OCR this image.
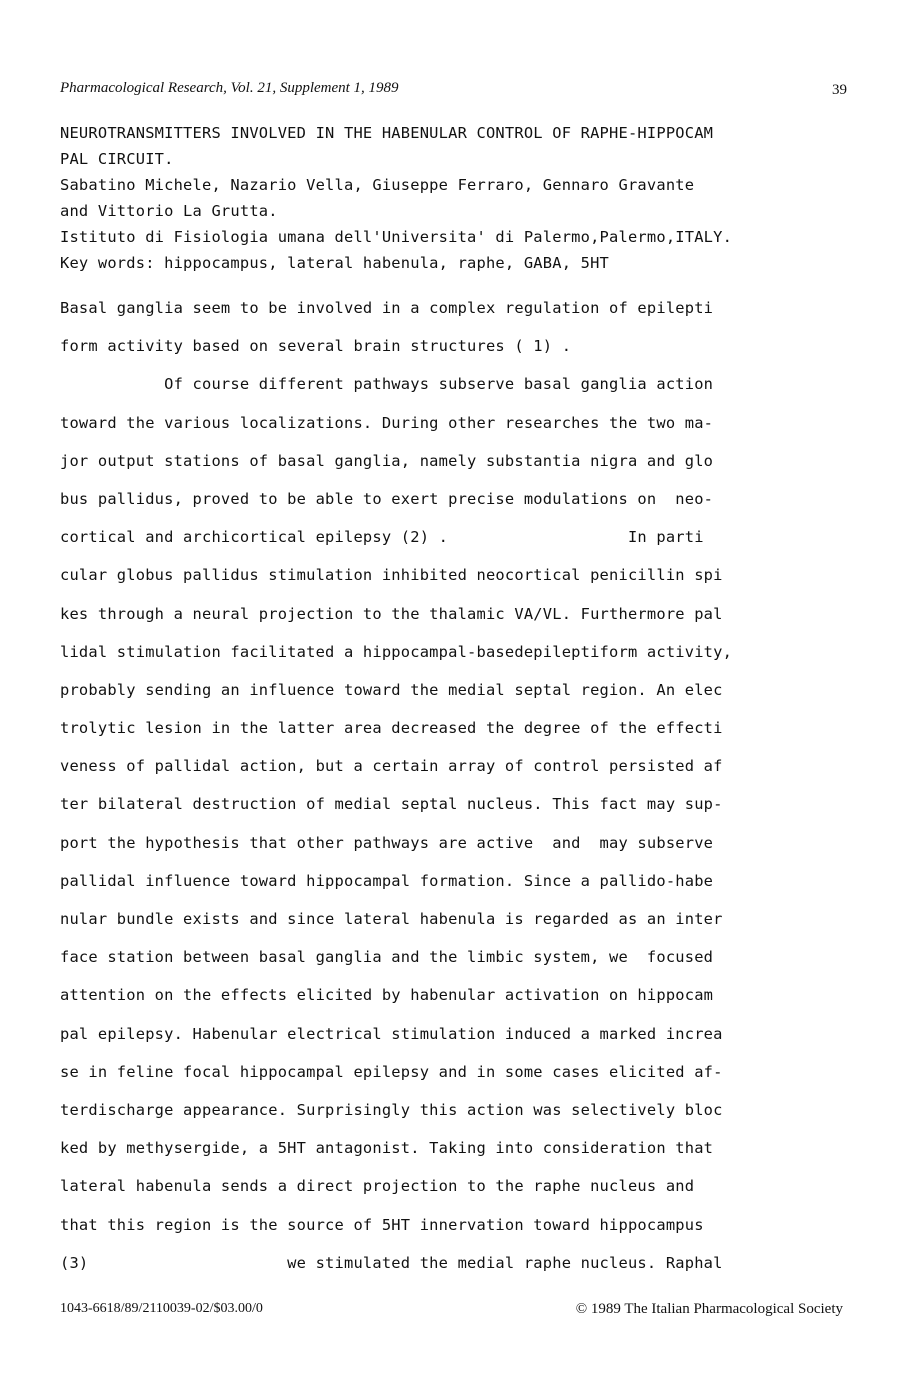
Pharmacological Research, Vol. 21, Supplement 1, 1989	39
NEUROTRANSMITTERS INVOLVED IN THE HABENULAR CONTROL OF RAPHE-HIPPOCAM
PAL CIRCUIT.
Sabatino Michele, Nazario Vella, Giuseppe Ferraro, Gennaro Gravante
and Vittorio La Grutta.
Istituto di Fisiologia umana dell'Universita' di Palermo,Palermo,ITALY.
Key words: hippocampus, lateral habenula, raphe, GABA, 5HT
Basal ganglia seem to be involved in a complex regulation of epilepti
form activity based on several brain structures ( 1) .
Of course different pathways subserve basal ganglia action
toward the various localizations. During other researches the two ma-
jor output stations of basal ganglia, namely substantia nigra and glo
bus pallidus, proved to be able to exert precise modulations on  neo-
cortical and archicortical epilepsy (2) .                   In parti
cular globus pallidus stimulation inhibited neocortical penicillin spi
kes through a neural projection to the thalamic VA/VL. Furthermore pal
lidal stimulation facilitated a hippocampal-basedepileptiform activity,
probably sending an influence toward the medial septal region. An elec
trolytic lesion in the latter area decreased the degree of the effecti
veness of pallidal action, but a certain array of control persisted af
ter bilateral destruction of medial septal nucleus. This fact may sup-
port the hypothesis that other pathways are active  and  may subserve
pallidal influence toward hippocampal formation. Since a pallido-habe
nular bundle exists and since lateral habenula is regarded as an inter
face station between basal ganglia and the limbic system, we  focused
attention on the effects elicited by habenular activation on hippocam
pal epilepsy. Habenular electrical stimulation induced a marked increa
se in feline focal hippocampal epilepsy and in some cases elicited af-
terdischarge appearance. Surprisingly this action was selectively bloc
ked by methysergide, a 5HT antagonist. Taking into consideration that
lateral habenula sends a direct projection to the raphe nucleus and
that this region is the source of 5HT innervation toward hippocampus
(3)                     we stimulated the medial raphe nucleus. Raphal
1043-6618/89/2110039-02/$03.00/0	© 1989 The Italian Pharmacological Society
